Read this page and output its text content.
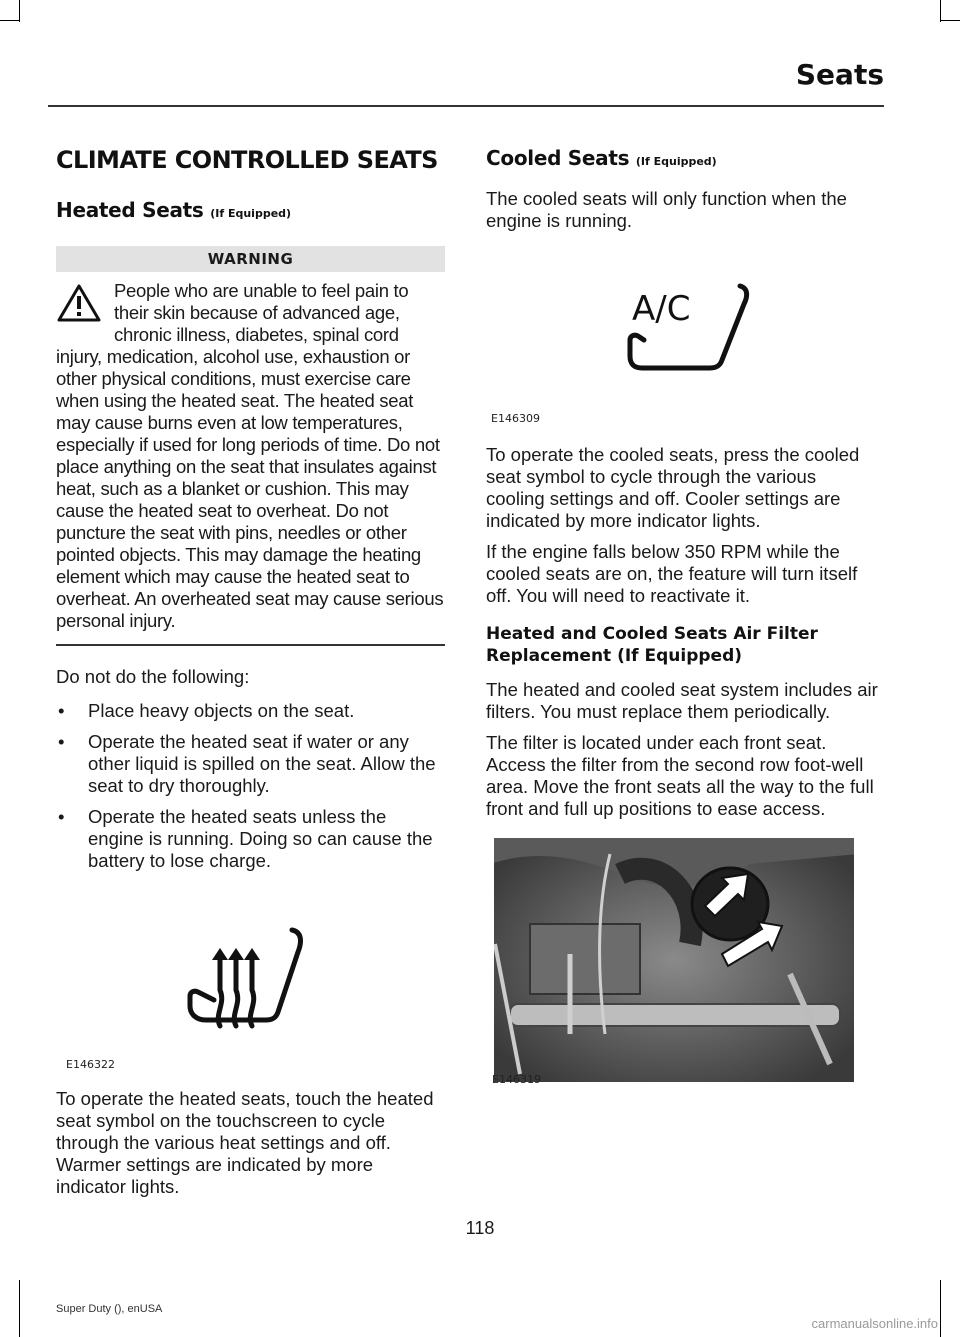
Seats
CLIMATE CONTROLLED SEATS
Heated Seats (If Equipped)
WARNING

People who are unable to feel pain to their skin because of advanced age, chronic illness, diabetes, spinal cord injury, medication, alcohol use, exhaustion or other physical conditions, must exercise care when using the heated seat. The heated seat may cause burns even at low temperatures, especially if used for long periods of time. Do not place anything on the seat that insulates against heat, such as a blanket or cushion. This may cause the heated seat to overheat. Do not puncture the seat with pins, needles or other pointed objects. This may damage the heating element which may cause the heated seat to overheat. An overheated seat may cause serious personal injury.

Do not do the following:

• Place heavy objects on the seat.
• Operate the heated seat if water or any other liquid is spilled on the seat. Allow the seat to dry thoroughly.
• Operate the heated seats unless the engine is running. Doing so can cause the battery to lose charge.
E146322

To operate the heated seats, touch the heated seat symbol on the touchscreen to cycle through the various heat settings and off. Warmer settings are indicated by more indicator lights.

Cooled Seats (If Equipped)

The cooled seats will only function when the engine is running.

A/C
E146309

To operate the cooled seats, press the cooled seat symbol to cycle through the various cooling settings and off. Cooler settings are indicated by more indicator lights.

If the engine falls below 350 RPM while the cooled seats are on, the feature will turn itself off. You will need to reactivate it.

Heated and Cooled Seats Air Filter Replacement (If Equipped)

The heated and cooled seat system includes air filters. You must replace them periodically.

The filter is located under each front seat. Access the filter from the second row foot-well area. Move the front seats all the way to the full front and full up positions to ease access.

E146319
118
Super Duty (), enUSA
carmanualsonline.info
